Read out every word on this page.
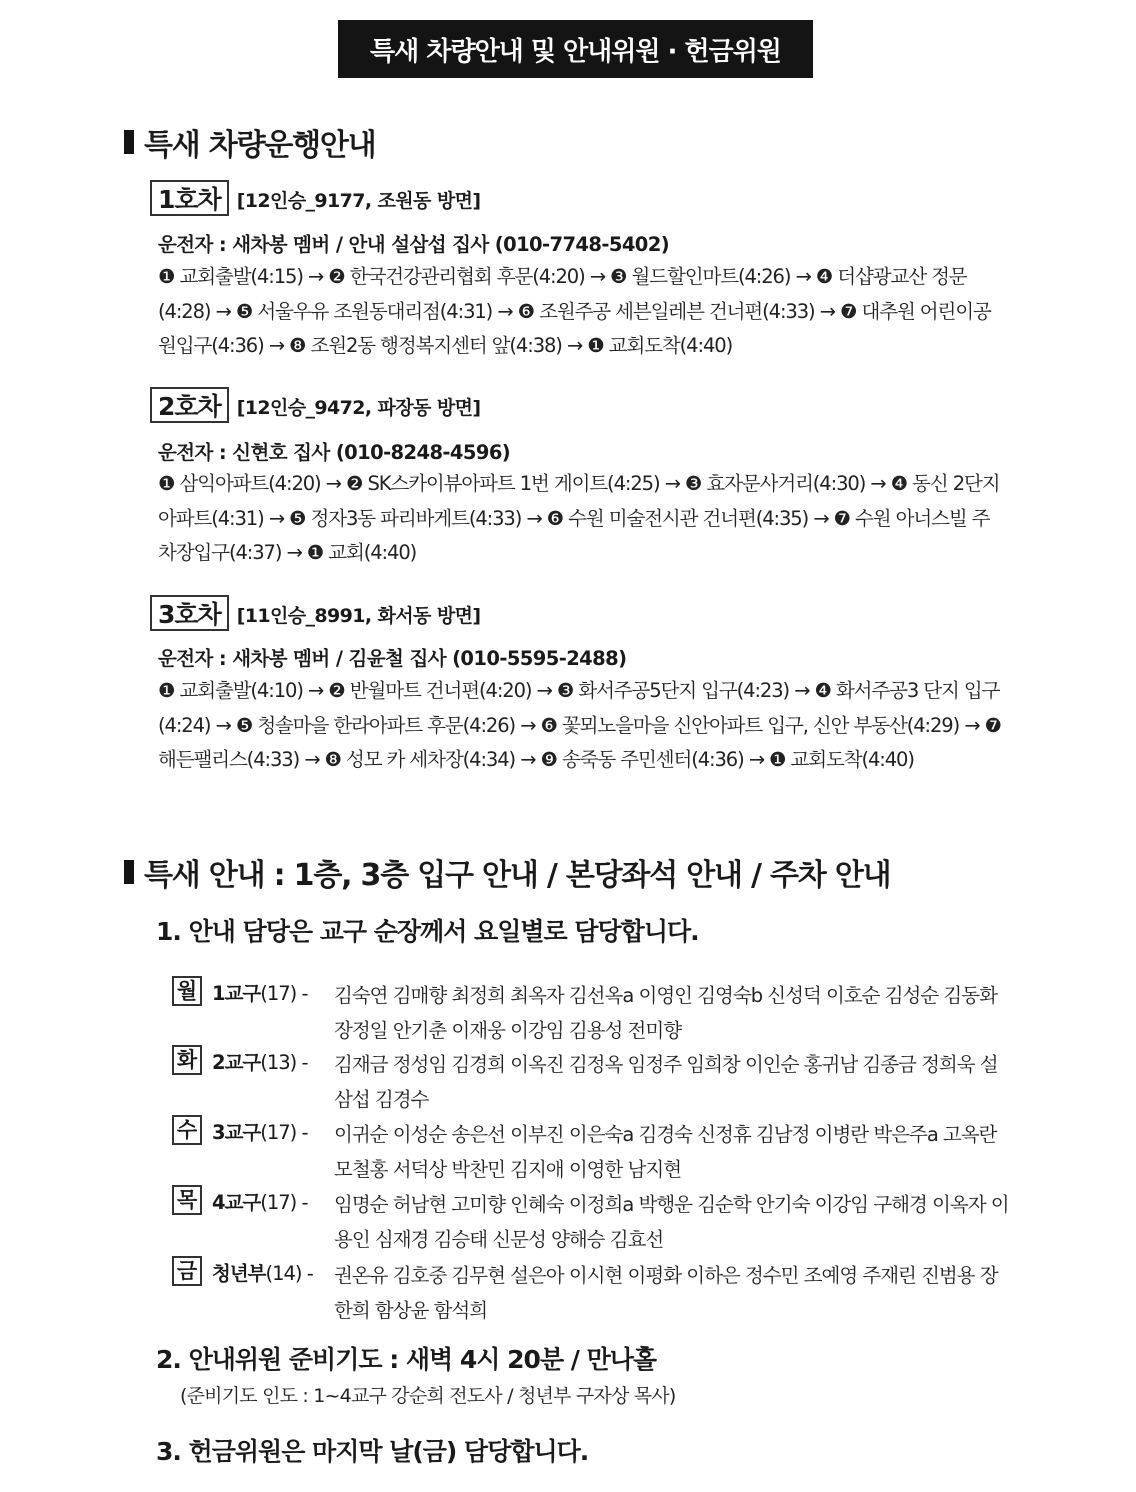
특새 차량안내 및 안내위원 · 헌금위원
특새 차량운행안내
1호차 [12인승_9177, 조원동 방면]
운전자 : 새차봉 멤버 / 안내 설삼섭 집사 (010-7748-5402)
❶ 교회출발(4:15) → ❷ 한국건강관리협회 후문(4:20) → ❸ 월드할인마트(4:26) → ❹ 더샵광교산 정문(4:28) → ❺ 서울우유 조원동대리점(4:31) → ❻ 조원주공 세븐일레븐 건너편(4:33) → ❼ 대추원 어린이공원입구(4:36) → ❽ 조원2동 행정복지센터 앞(4:38) → ❶ 교회도착(4:40)
2호차 [12인승_9472, 파장동 방면]
운전자 : 신현호 집사 (010-8248-4596)
❶ 삼익아파트(4:20) → ❷ SK스카이뷰아파트 1번 게이트(4:25) → ❸ 효자문사거리(4:30) → ❹ 동신 2단지 아파트(4:31) → ❺ 정자3동 파리바게트(4:33) → ❻ 수원 미술전시관 건너편(4:35) → ❼ 수원 아너스빌 주차장입구(4:37) → ❶ 교회(4:40)
3호차 [11인승_8991, 화서동 방면]
운전자 : 새차봉 멤버 / 김윤철 집사 (010-5595-2488)
❶ 교회출발(4:10) → ❷ 반월마트 건너편(4:20) → ❸ 화서주공5단지 입구(4:23) → ❹ 화서주공3 단지 입구(4:24) → ❺ 청솔마을 한라아파트 후문(4:26) → ❻ 꽃뫼노을마을 신안아파트 입구, 신안 부동산(4:29) → ❼ 해든팰리스(4:33) → ❽ 성모 카 세차장(4:34) → ❾ 송죽동 주민센터(4:36) → ❶ 교회도착(4:40)
특새 안내 : 1층, 3층 입구 안내 / 본당좌석 안내 / 주차 안내
1. 안내 담당은 교구 순장께서 요일별로 담당합니다.
월 1교구(17) - 김숙연 김매향 최정희 최옥자 김선옥a 이영인 김영숙b 신성덕 이호순 김성순 김동화 장정일 안기춘 이재웅 이강임 김용성 전미향
화 2교구(13) - 김재금 정성임 김경희 이옥진 김정옥 임정주 임희창 이인순 홍귀남 김종금 정희욱 설삼섭 김경수
수 3교구(17) - 이귀순 이성순 송은선 이부진 이은숙a 김경숙 신정휴 김남정 이병란 박은주a 고옥란 모철홍 서덕상 박찬민 김지애 이영한 남지현
목 4교구(17) - 임명순 허남현 고미향 인혜숙 이정희a 박행운 김순학 안기숙 이강임 구해경 이옥자 이용인 심재경 김승태 신문성 양해승 김효선
금 청년부(14) - 권온유 김호중 김무현 설은아 이시현 이평화 이하은 정수민 조예영 주재린 진범용 장한희 함상윤 함석희
2. 안내위원 준비기도 : 새벽 4시 20분 / 만나홀
(준비기도 인도 : 1~4교구 강순희 전도사 / 청년부 구자상 목사)
3. 헌금위원은 마지막 날(금) 담당합니다.
